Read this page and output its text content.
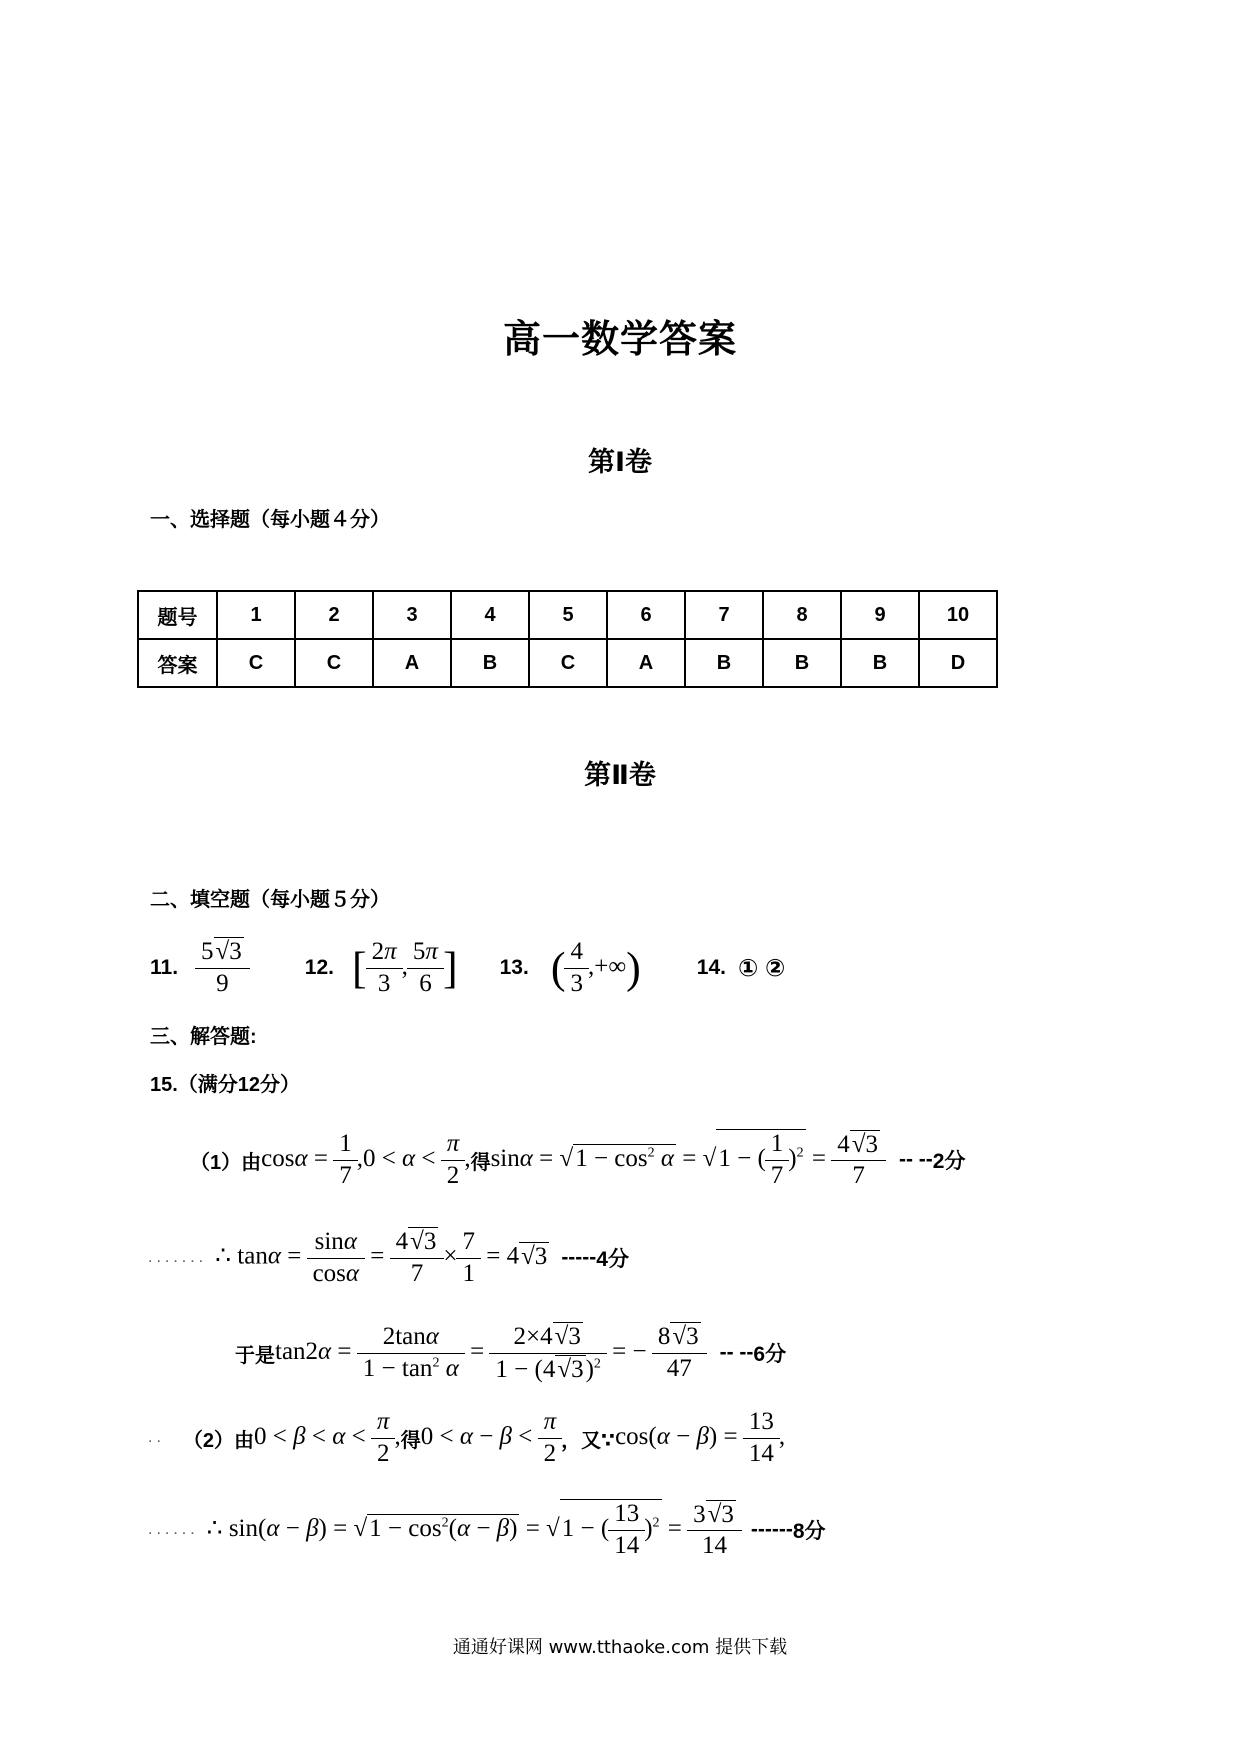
高一数学答案
第Ⅰ卷
一、选择题（每小题４分）
题号	1	2	3	4	5	6	7	8	9	10
答案	C	C	A	B	C	A	B	B	B	D
第Ⅱ卷
二、填空题（每小题５分）
11. $\frac{5√3}{9}$	12. [ $\frac{2\pi}{3}$ , $\frac{5\pi}{6}$ ] 13. ( $\frac{4}{3}$ ,+∞)	14. ① ②
三、解答题:
15.（满分12分）
（1）由 $\cos\alpha = \frac{1}{7} ,0 < \alpha < \frac{\pi}{2}$ , 得 $\sin\alpha = √1 - \cos^2 \alpha = √1$ − ( $\frac{1}{7} )^2 = \frac{4√3}{7}$ -- -- 2分
....... ∴ $\tan\alpha = \frac{\sin\alpha}{\cos\alpha} = \frac{4√3}{7} \times \frac{7}{1} = 4√3$ ----- 4分
于是 $\tan 2\alpha = \frac{2\tan\alpha}{1 - \tan^2 \alpha} = \frac{2\times 4√3}{1 - (4√3)^2}$ = − $\frac{8√3}{47}$ -- -- 6分
.. （2）由 $0 < \beta < \alpha < \frac{\pi}{2}$ , 得 $0 < \alpha - \beta < \frac{\pi}{2}$ ，又∵ $\cos(\alpha - \beta) = \frac{13}{14}$ ,
...... ∴ $\sin(\alpha - \beta) = √1 - \cos^2(\alpha - \beta) = √1$ − ( $\frac{13}{14} )^2 = \frac{3√3}{14}$ ------ 8分
通通好课网 www.tthaoke.com 提供下载
